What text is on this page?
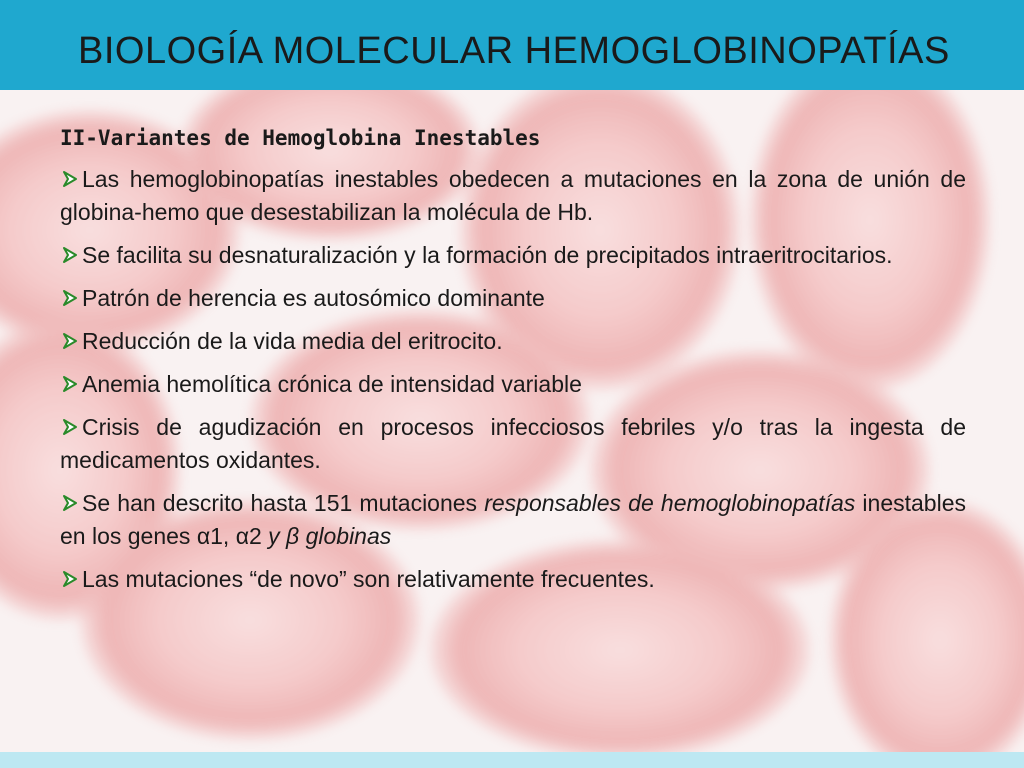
BIOLOGÍA MOLECULAR HEMOGLOBINOPATÍAS
II-Variantes de Hemoglobina Inestables
Las hemoglobinopatías inestables obedecen a mutaciones en la zona de unión de globina-hemo que desestabilizan la molécula de Hb.
Se facilita su desnaturalización y la formación de precipitados intraeritrocitarios.
Patrón de herencia es autosómico dominante
Reducción de la vida media del eritrocito.
Anemia hemolítica crónica de intensidad variable
Crisis de agudización en procesos infecciosos febriles y/o tras la ingesta de medicamentos oxidantes.
Se han descrito hasta 151 mutaciones responsables de hemoglobinopatías inestables en los genes α1, α2 y β globinas
Las mutaciones “de novo” son relativamente frecuentes.
